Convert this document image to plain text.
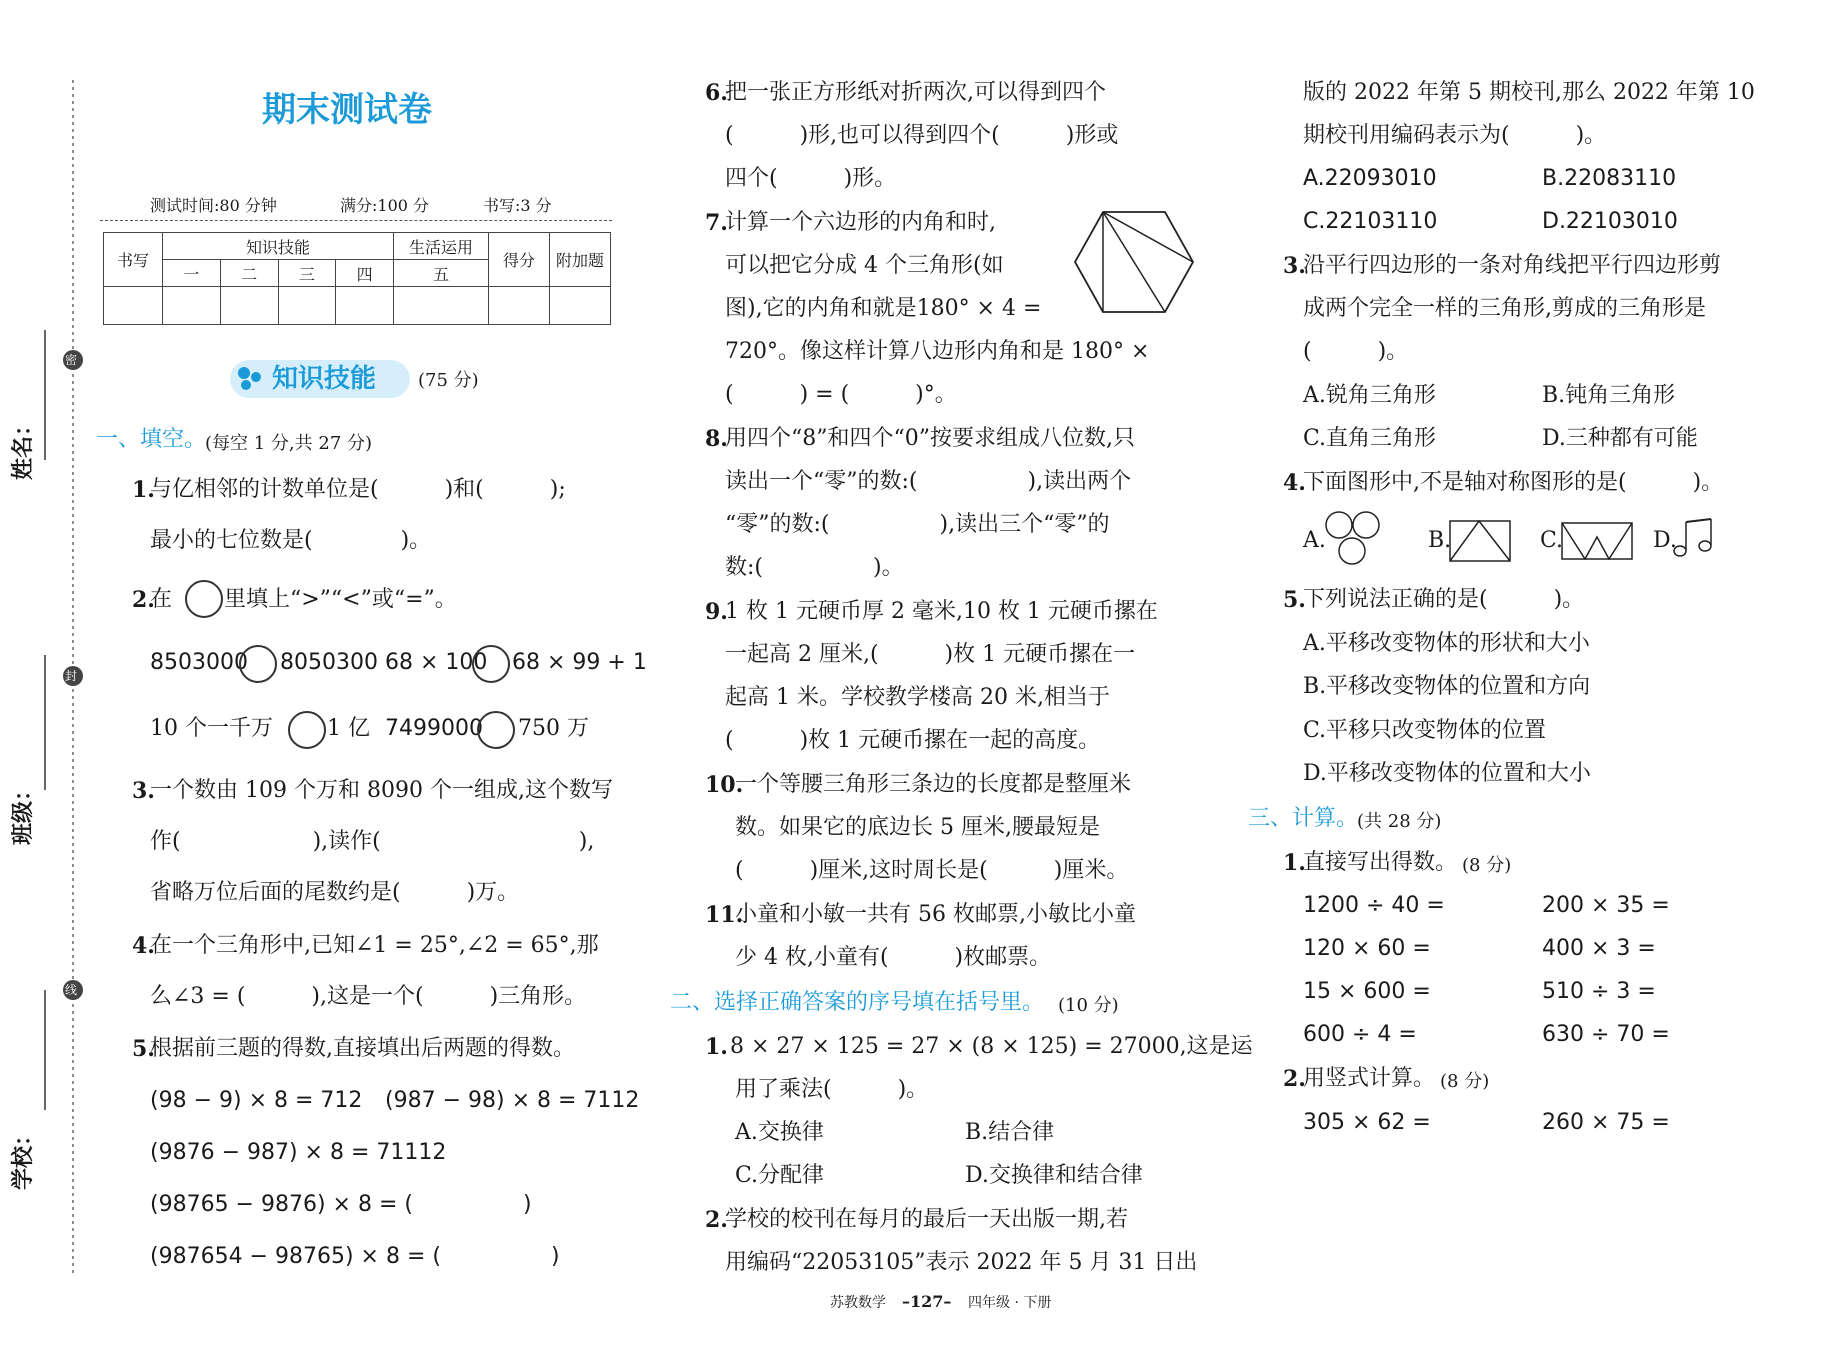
姓名：
班级：
学校：
密
封
线
期末测试卷
测试时间:80 分钟	满分:100 分	书写:3 分
书写	知识技能				生活运用	得分	附加题
	一	二	三	四	五		

知识技能 (75 分)
一、填空。
(每空 1 分,共 27 分)
1.
与亿相邻的计数单位是(　　　)和(　　　);
最小的七位数是(　　　　)。
2.
在 里填上“>”“<”或“=”。
8503000 8050300 68 × 100 68 × 99 + 1
10 个一千万 1 亿 7499000 750 万
3.
一个数由 109 个万和 8090 个一组成,这个数写
作(　　　　　　),读作(　　　　　　　　　),
省略万位后面的尾数约是(　　　)万。
4.
在一个三角形中,已知∠1 = 25°,∠2 = 65°,那
么∠3 = (　　　),这是一个(　　　)三角形。
5.
根据前三题的得数,直接填出后两题的得数。
(98 − 9) × 8 = 712 (987 − 98) × 8 = 7112
(9876 − 987) × 8 = 71112
(98765 − 9876) × 8 = (　　　　　)
(987654 − 98765) × 8 = (　　　　　)
6.
把一张正方形纸对折两次,可以得到四个
(　　　)形,也可以得到四个(　　　)形或
四个(　　　)形。
7.
计算一个六边形的内角和时,
可以把它分成 4 个三角形(如
图),它的内角和就是180° × 4 =
720°。像这样计算八边形内角和是 180° ×
(　　　) = (　　　)°。
8.
用四个“8”和四个“0”按要求组成八位数,只
读出一个“零”的数:(　　　　　),读出两个
“零”的数:(　　　　　),读出三个“零”的
数:(　　　　　)。
9.
1 枚 1 元硬币厚 2 毫米,10 枚 1 元硬币摞在
一起高 2 厘米,(　　　)枚 1 元硬币摞在一
起高 1 米。学校教学楼高 20 米,相当于
(　　　)枚 1 元硬币摞在一起的高度。
10.
一个等腰三角形三条边的长度都是整厘米
数。如果它的底边长 5 厘米,腰最短是
(　　　)厘米,这时周长是(　　　)厘米。
11.
小童和小敏一共有 56 枚邮票,小敏比小童
少 4 枚,小童有(　　　)枚邮票。
二、选择正确答案的序号填在括号里。 (10 分)
1. 8 × 27 × 125 = 27 × (8 × 125) = 27000,这是运
用了乘法(　　　)。
A.交换律	B.结合律
C.分配律	D.交换律和结合律
2.
学校的校刊在每月的最后一天出版一期,若
用编码“22053105”表示 2022 年 5 月 31 日出
版的 2022 年第 5 期校刊,那么 2022 年第 10
期校刊用编码表示为(　　　)。
A.22093010	B.22083110
C.22103110	D.22103010
3.
沿平行四边形的一条对角线把平行四边形剪
成两个完全一样的三角形,剪成的三角形是
(　　　)。
A.锐角三角形	B.钝角三角形
C.直角三角形	D.三种都有可能
4.
下面图形中,不是轴对称图形的是(　　　)。
A.	B.	C.	D.
5.
下列说法正确的是(　　　)。
A.平移改变物体的形状和大小
B.平移改变物体的位置和方向
C.平移只改变物体的位置
D.平移改变物体的位置和大小
三、计算。
(共 28 分)
1.
直接写出得数。 (8 分)
1200 ÷ 40 =	200 × 35 =
120 × 60 =	400 × 3 =
15 × 600 =	510 ÷ 3 =
600 ÷ 4 =	630 ÷ 70 =
2.
用竖式计算。 (8 分)
305 × 62 =	260 × 75 =
苏教数学 –127– 四年级 · 下册
